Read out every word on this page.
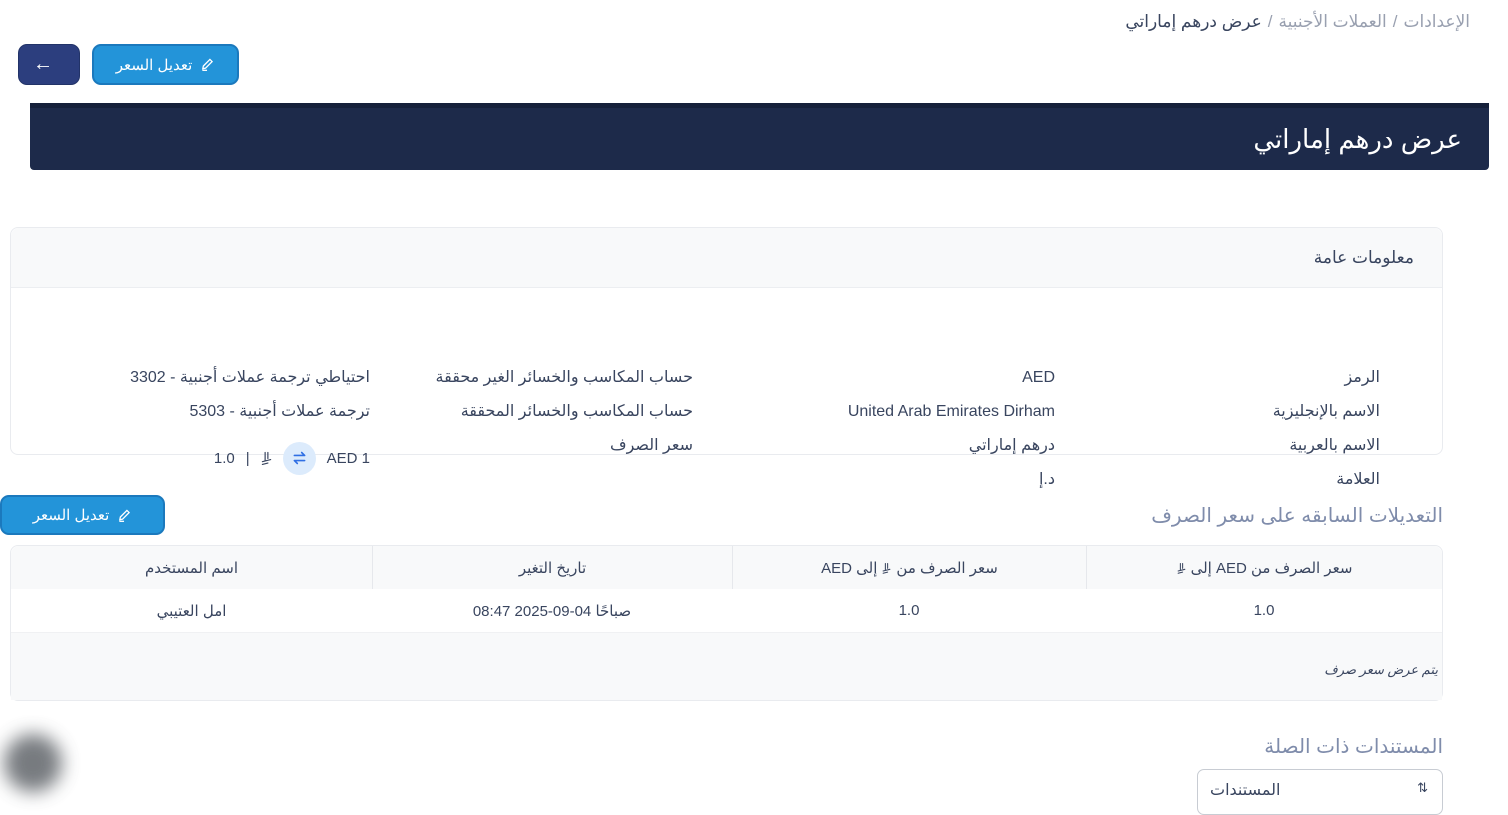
الإعدادات
/
العملات الأجنبية
/
عرض درهم إماراتي
←	تعديل السعر
عرض درهم إماراتي
معلومات عامة
الرمز
الاسم بالإنجليزية
الاسم بالعربية
العلامة
AED
United Arab Emirates Dirham
درهم إماراتي
د.إ
حساب المكاسب والخسائر الغير محققة
حساب المكاسب والخسائر المحققة
سعر الصرف
3302 - احتياطي ترجمة عملات أجنبية
5303 - ترجمة عملات أجنبية
AED 1
|
1.0
التعديلات السابقه على سعر الصرف
تعديل السعر
سعر الصرف من AED إلى
سعر الصرف من
إلى AED
تاريخ التغير
اسم المستخدم
1.0
1.0
08:47 2025-09-04 صباحًا
امل العتيبي
يتم عرض سعر صرف
المستندات ذات الصلة
⇅
المستندات
